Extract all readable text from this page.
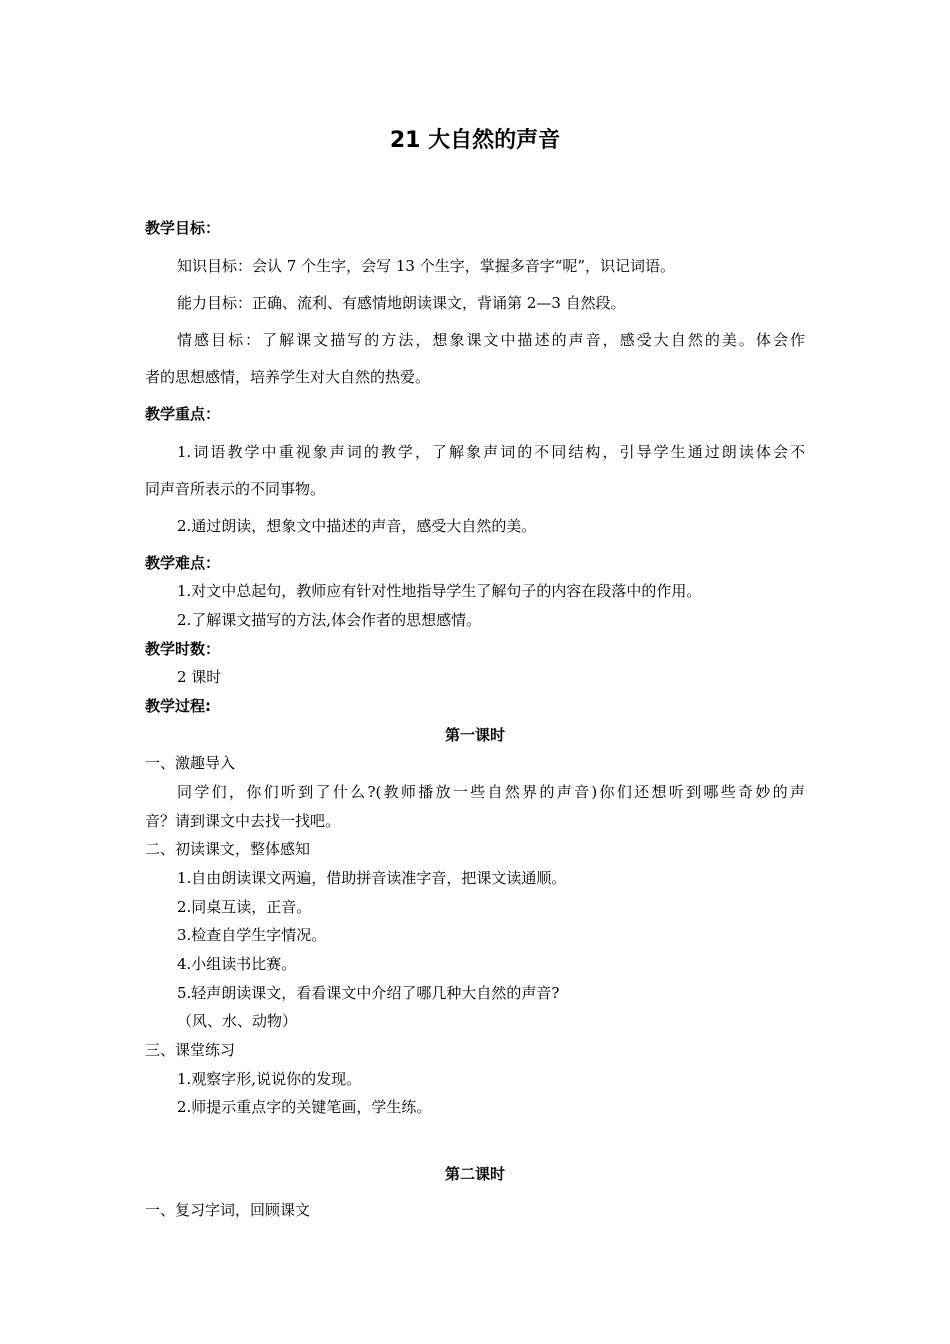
21 大自然的声音
教学目标：
知识目标：会认 7 个生字，会写 13 个生字，掌握多音字“呢”，识记词语。
能力目标：正确、流利、有感情地朗读课文，背诵第 2—3 自然段。
情感目标：了解课文描写的方法，想象课文中描述的声音，感受大自然的美。体会作
者的思想感情，培养学生对大自然的热爱。
教学重点：
1.词语教学中重视象声词的教学，了解象声词的不同结构，引导学生通过朗读体会不
同声音所表示的不同事物。
2.通过朗读，想象文中描述的声音，感受大自然的美。
教学难点：
1.对文中总起句，教师应有针对性地指导学生了解句子的内容在段落中的作用。
2.了解课文描写的方法,体会作者的思想感情。
教学时数：
2 课时
教学过程:
第一课时
一、激趣导入
同学们，你们听到了什么?(教师播放一些自然界的声音)你们还想听到哪些奇妙的声
音？请到课文中去找一找吧。
二、初读课文，整体感知
1.自由朗读课文两遍，借助拼音读准字音，把课文读通顺。
2.同桌互读，正音。
3.检查自学生字情况。
4.小组读书比赛。
5.轻声朗读课文，看看课文中介绍了哪几种大自然的声音?
（风、水、动物）
三、课堂练习
1.观察字形,说说你的发现。
2.师提示重点字的关键笔画，学生练。
第二课时
一、复习字词，回顾课文
